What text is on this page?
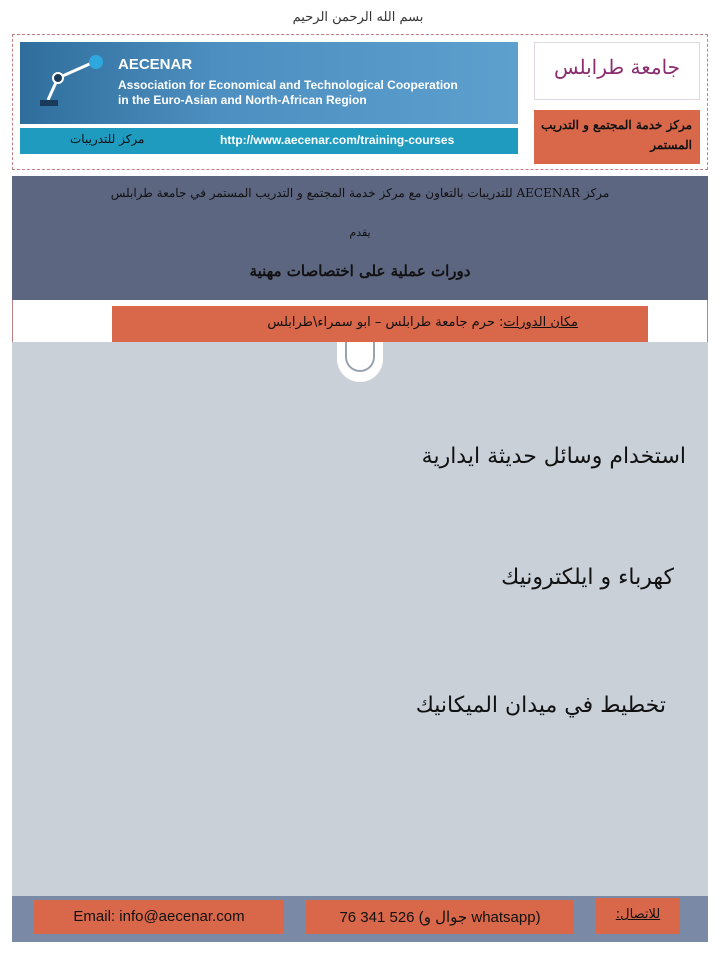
بسم الله الرحمن الرحيم
AECENAR
Association for Economical and Technological Cooperation
in the Euro-Asian and North-African Region
مركز للتدريبات	http://www.aecenar.com/training-courses
جامعة طرابلس
مركز خدمة المجتمع و التدريب المستمر
مركز AECENAR للتدريبات بالتعاون مع مركز خدمة المجتمع و التدريب المستمر في جامعة طرابلس
يقدم
دورات عملية على اختصاصات مهنية
مكان الدورات: حرم جامعة طرابلس – ابو سمراء\طرابلس
استخدام وسائل حديثة ايدارية
كهرباء و ايلكترونيك
تخطيط في ميدان الميكانيك
Email: info@aecenar.com	76 341 526 (جوال و whatsapp)	للاتصال:
